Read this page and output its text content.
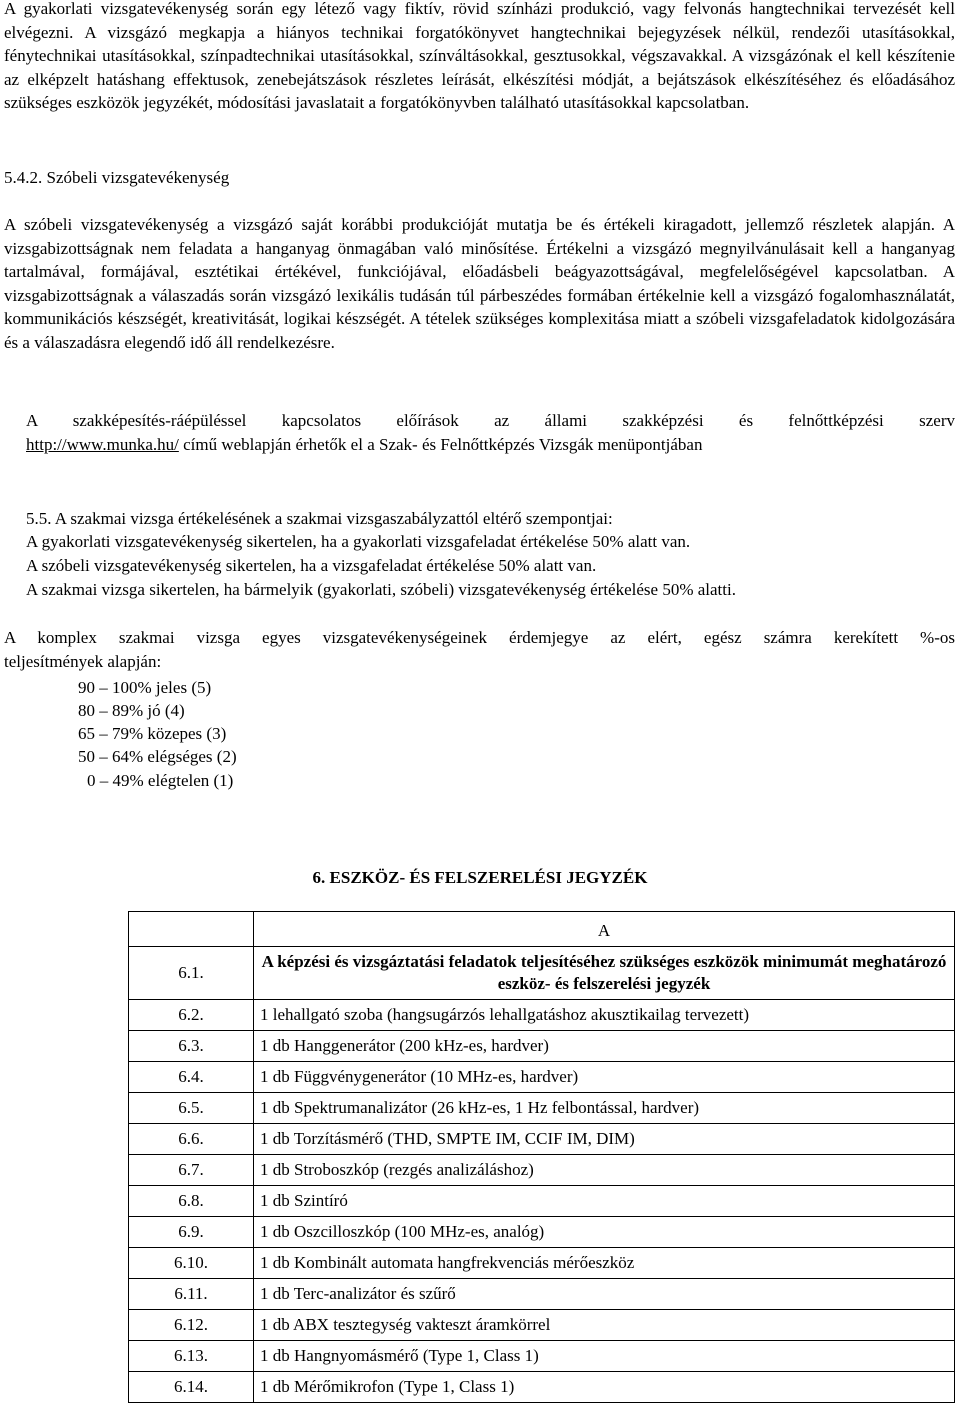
A gyakorlati vizsgatevékenység során egy létező vagy fiktív, rövid színházi produkció, vagy felvonás hangtechnikai tervezését kell elvégezni. A vizsgázó megkapja a hiányos technikai forgatókönyvet hangtechnikai bejegyzések nélkül, rendezői utasításokkal, fénytechnikai utasításokkal, színpadtechnikai utasításokkal, színváltásokkal, gesztusokkal, végszavakkal. A vizsgázónak el kell készítenie az elképzelt hatáshang effektusok, zenebejátszások részletes leírását, elkészítési módját, a bejátszások elkészítéséhez és előadásához szükséges eszközök jegyzékét, módosítási javaslatait a forgatókönyvben található utasításokkal kapcsolatban.

5.4.2. Szóbeli vizsgatevékenység

A szóbeli vizsgatevékenység a vizsgázó saját korábbi produkcióját mutatja be és értékeli kiragadott, jellemző részletek alapján. A vizsgabizottságnak nem feladata a hanganyag önmagában való minősítése. Értékelni a vizsgázó megnyilvánulásait kell a hanganyag tartalmával, formájával, esztétikai értékével, funkciójával, előadásbeli beágyazottságával, megfelelőségével kapcsolatban. A vizsgabizottságnak a válaszadás során vizsgázó lexikális tudásán túl párbeszédes formában értékelnie kell a vizsgázó fogalomhasználatát, kommunikációs készségét, kreativitását, logikai készségét. A tételek szükséges komplexitása miatt a szóbeli vizsgafeladatok kidolgozására és a válaszadásra elegendő idő áll rendelkezésre.

A szakképesítés-ráépüléssel kapcsolatos előírások az állami szakképzési és felnőttképzési szerv

http://www.munka.hu/ című weblapján érhetők el a Szak- és Felnőttképzés Vizsgák menüpontjában

5.5. A szakmai vizsga értékelésének a szakmai vizsgaszabályzattól eltérő szempontjai:

A gyakorlati vizsgatevékenység sikertelen, ha a gyakorlati vizsgafeladat értékelése 50% alatt van.

A szóbeli vizsgatevékenység sikertelen, ha a vizsgafeladat értékelése 50% alatt van.

A szakmai vizsga sikertelen, ha bármelyik (gyakorlati, szóbeli) vizsgatevékenység értékelése 50% alatti.

A komplex szakmai vizsga egyes vizsgatevékenységeinek érdemjegye az elért, egész számra kerekített %-os

teljesítmények alapján:

90 – 100% jeles (5)
80 – 89% jó (4)
65 – 79% közepes (3)
50 – 64% elégséges (2)
0 – 49% elégtelen (1)
6. ESZKÖZ- ÉS FELSZERELÉSI JEGYZÉK
	A
6.1.	A képzési és vizsgáztatási feladatok teljesítéséhez szükséges eszközök minimumát meghatározó eszköz- és felszerelési jegyzék
6.2.	1 lehallgató szoba (hangsugárzós lehallgatáshoz akusztikailag tervezett)
6.3.	1 db Hanggenerátor (200 kHz-es, hardver)
6.4.	1 db Függvénygenerátor (10 MHz-es, hardver)
6.5.	1 db Spektrumanalizátor (26 kHz-es, 1 Hz felbontással, hardver)
6.6.	1 db Torzításmérő (THD, SMPTE IM, CCIF IM, DIM)
6.7.	1 db Stroboszkóp (rezgés analizáláshoz)
6.8.	1 db Szintíró
6.9.	1 db Oszcilloszkóp (100 MHz-es, analóg)
6.10.	1 db Kombinált automata hangfrekvenciás mérőeszköz
6.11.	1 db Terc-analizátor és szűrő
6.12.	1 db ABX tesztegység vakteszt áramkörrel
6.13.	1 db Hangnyomásmérő (Type 1, Class 1)
6.14.	1 db Mérőmikrofon (Type 1, Class 1)
